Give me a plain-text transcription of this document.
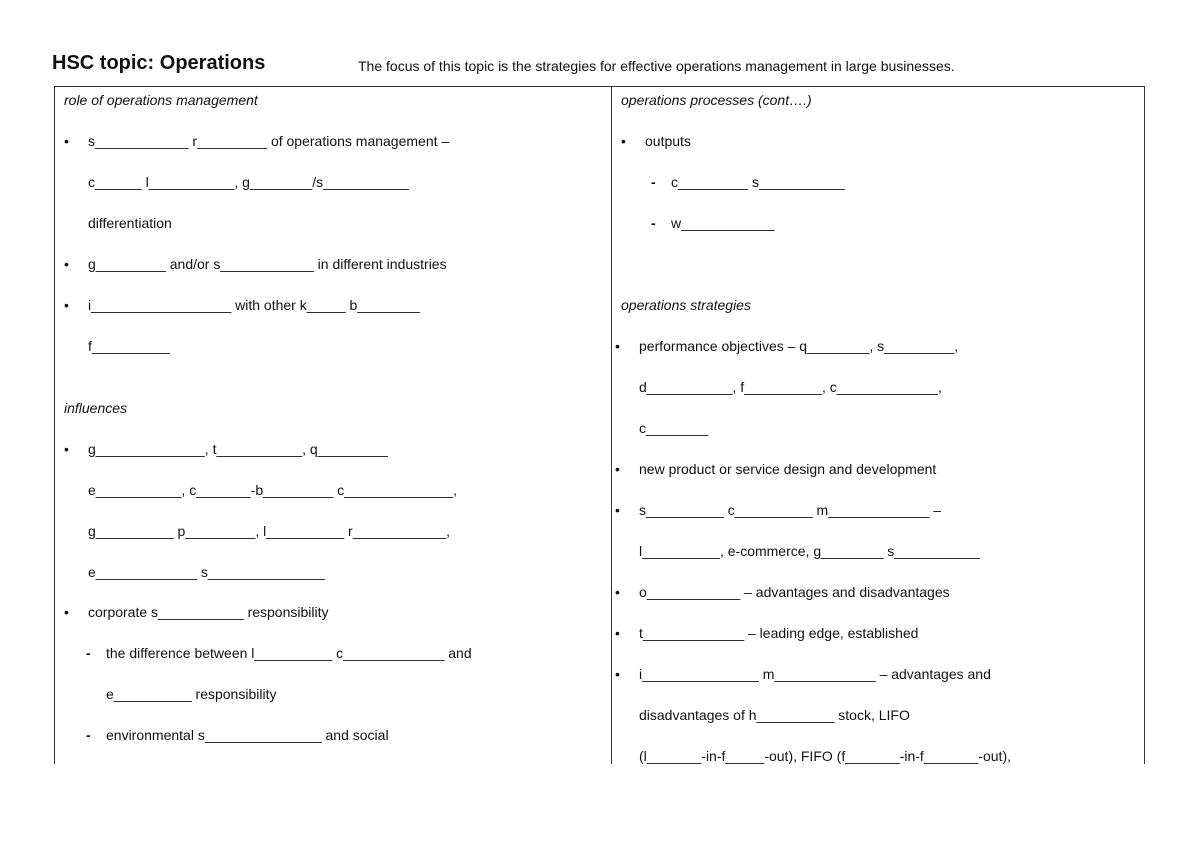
HSC topic: Operations	The focus of this topic is the strategies for effective operations management in large businesses.
role of operations management
• s____________ r_________ of operations management –
c______ l___________, g________/s___________
differentiation
• g_________ and/or s____________ in different industries
• i__________________ with other k_____ b________
f__________
influences
• g______________, t___________, q_________
e___________, c_______-b_________ c______________,
g__________ p_________, l__________ r____________,
e_____________ s_______________
• corporate s___________ responsibility
- the difference between l__________ c_____________ and
e__________ responsibility
- environmental s_______________ and social
operations processes (cont….)
• outputs
- c_________ s___________
- w____________
operations strategies
• performance objectives – q________, s_________,
d___________, f__________, c_____________,
c________
• new product or service design and development
• s__________ c__________ m_____________ –
l__________, e-commerce, g________ s___________
• o____________ – advantages and disadvantages
• t_____________ – leading edge, established
• i_______________ m_____________ – advantages and
disadvantages of h__________ stock, LIFO
(l_______-in-f_____-out), FIFO (f_______-in-f_______-out),
